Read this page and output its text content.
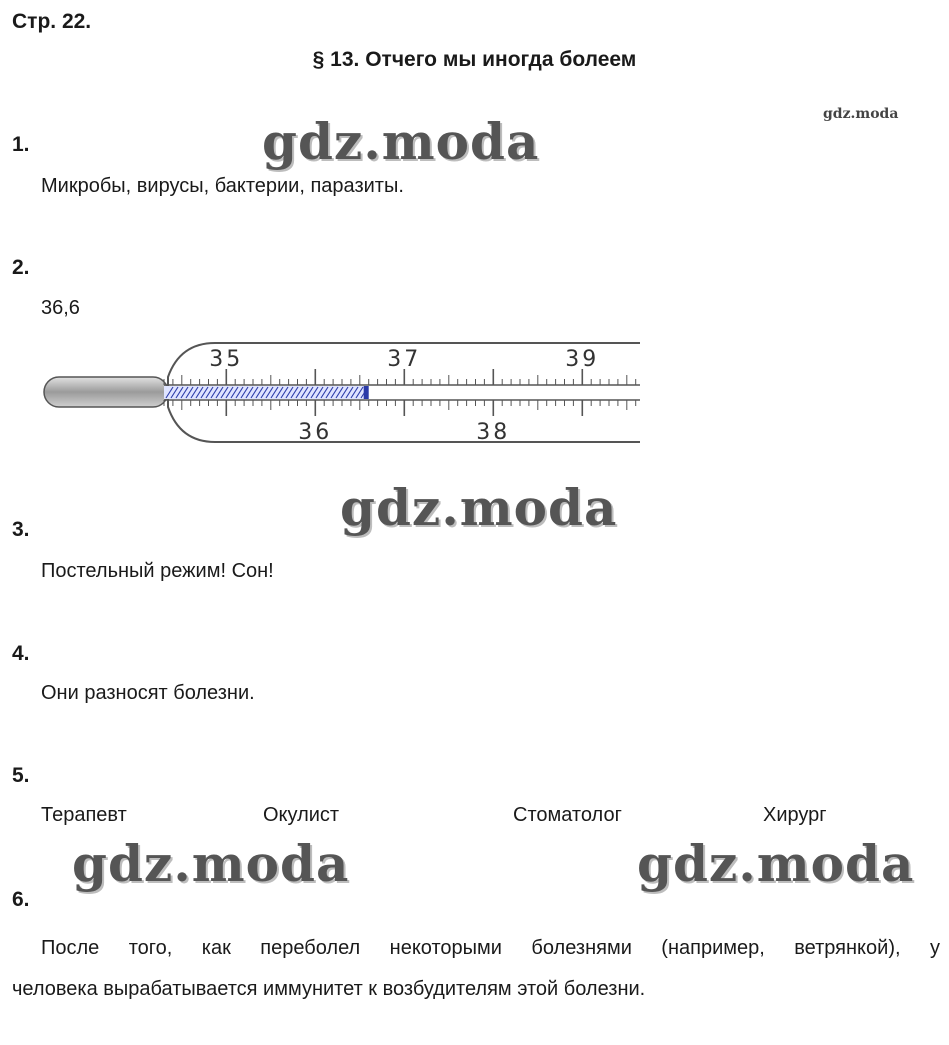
Стр. 22.
§ 13. Отчего мы иногда болеем
gdz.moda
1.	gdz.moda
Микробы, вирусы, бактерии, паразиты.
2.
36,6
35	37	39
36	38
gdz.moda
3.
Постельный режим! Сон!
4.
Они разносят болезни.
5.
Терапевт	Окулист	Стоматолог	Хирург
gdz.moda	gdz.moda
6.
После того, как переболел некоторыми болезнями (например, ветрянкой), у
человека вырабатывается иммунитет к возбудителям этой болезни.
